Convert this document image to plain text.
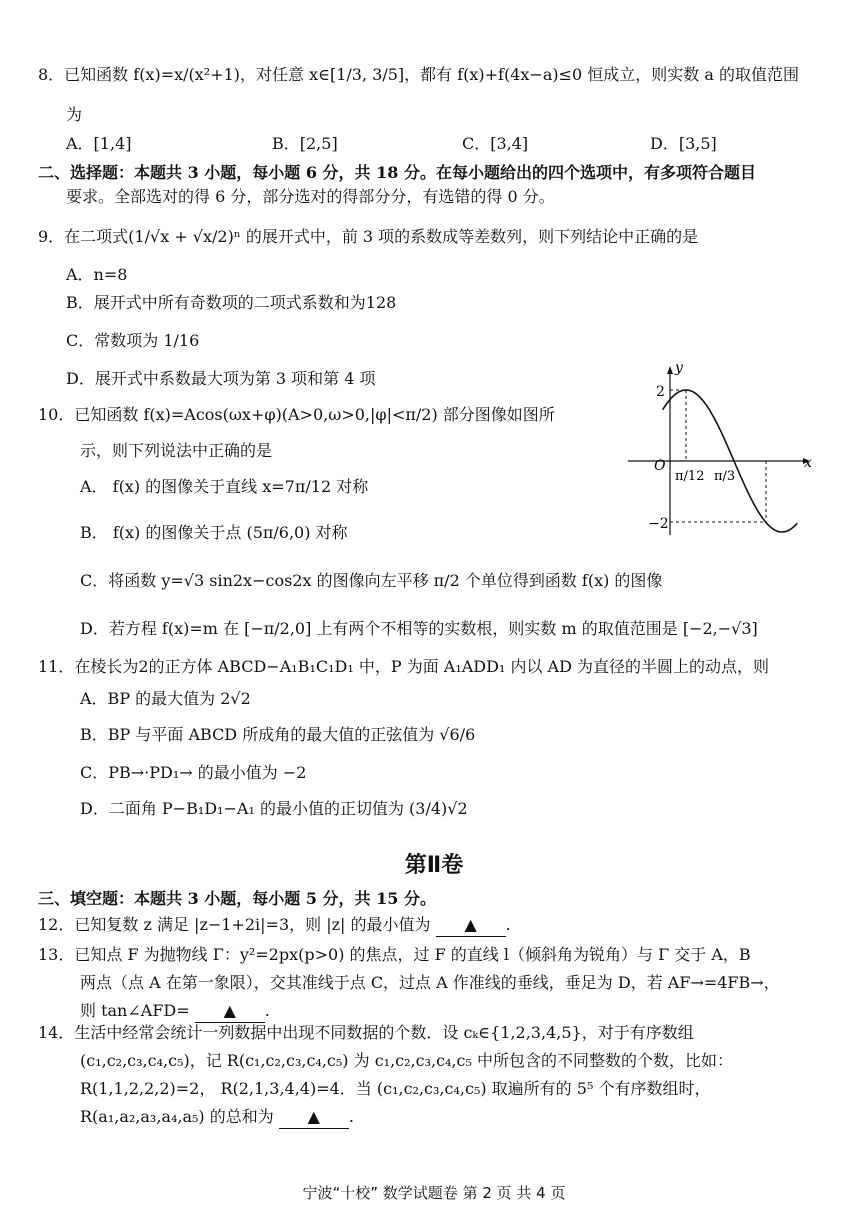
8．已知函数 f(x)=x/(x²+1)，对任意 x∈[1/3, 3/5]，都有 f(x)+f(4x−a)≤0 恒成立，则实数 a 的取值范围
为
A．[1,4]	B．[2,5]	C．[3,4]	D．[3,5]
二、选择题：本题共 3 小题，每小题 6 分，共 18 分。在每小题给出的四个选项中，有多项符合题目
要求。全部选对的得 6 分，部分选对的得部分分，有选错的得 0 分。
9．在二项式(1/√x + √x/2)ⁿ 的展开式中，前 3 项的系数成等差数列，则下列结论中正确的是
A．n=8
B．展开式中所有奇数项的二项式系数和为128
C．常数项为 1/16
D．展开式中系数最大项为第 3 项和第 4 项
y
x
O
2
−2
π/12 π/3
10．已知函数 f(x)=Acos(ωx+φ)(A>0,ω>0,|φ|<π/2) 部分图像如图所
示，则下列说法中正确的是
A． f(x) 的图像关于直线 x=7π/12 对称
B． f(x) 的图像关于点 (5π/6,0) 对称
C．将函数 y=√3 sin2x−cos2x 的图像向左平移 π/2 个单位得到函数 f(x) 的图像
D．若方程 f(x)=m 在 [−π/2,0] 上有两个不相等的实数根，则实数 m 的取值范围是 [−2,−√3]
11．在棱长为2的正方体 ABCD−A₁B₁C₁D₁ 中，P 为面 A₁ADD₁ 内以 AD 为直径的半圆上的动点，则
A．BP 的最大值为 2√2
B．BP 与平面 ABCD 所成角的最大值的正弦值为 √6/6
C．PB→·PD₁→ 的最小值为 −2
D．二面角 P−B₁D₁−A₁ 的最小值的正切值为 (3/4)√2
第Ⅱ卷
三、填空题：本题共 3 小题，每小题 5 分，共 15 分。
12．已知复数 z 满足 |z−1+2i|=3，则 |z| 的最小值为 ▲ .
13．已知点 F 为抛物线 Γ：y²=2px(p>0) 的焦点，过 F 的直线 l（倾斜角为锐角）与 Γ 交于 A，B
两点（点 A 在第一象限），交其准线于点 C，过点 A 作准线的垂线，垂足为 D，若 AF→=4FB→，
则 tan∠AFD= ▲ .
14．生活中经常会统计一列数据中出现不同数据的个数．设 cₖ∈{1,2,3,4,5}，对于有序数组
(c₁,c₂,c₃,c₄,c₅)，记 R(c₁,c₂,c₃,c₄,c₅) 为 c₁,c₂,c₃,c₄,c₅ 中所包含的不同整数的个数，比如：
R(1,1,2,2,2)=2， R(2,1,3,4,4)=4．当 (c₁,c₂,c₃,c₄,c₅) 取遍所有的 5⁵ 个有序数组时，
R(a₁,a₂,a₃,a₄,a₅) 的总和为 ▲ .
宁波“十校” 数学试题卷 第 2 页 共 4 页
